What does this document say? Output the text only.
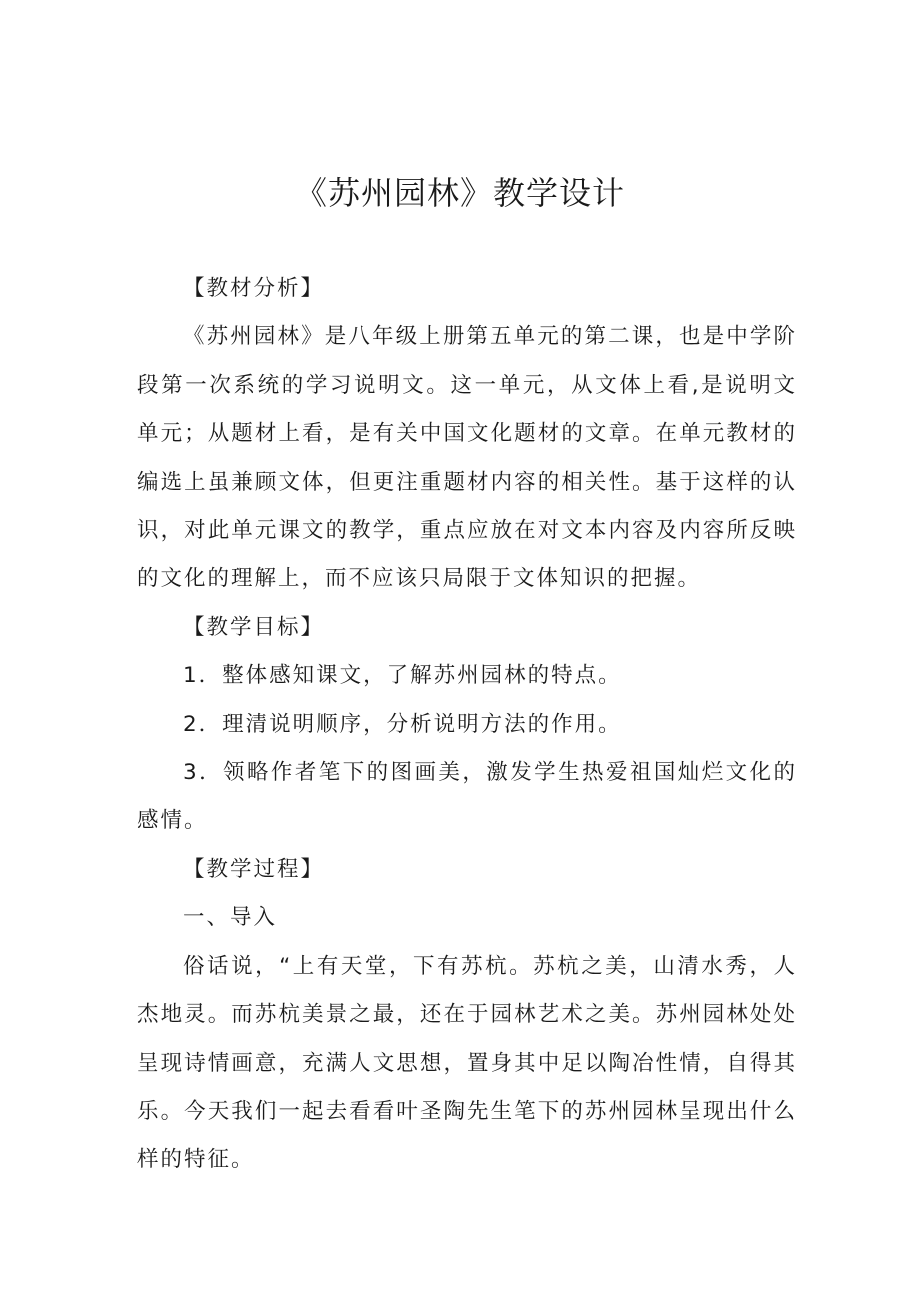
《苏州园林》教学设计

【教材分析】

《苏州园林》是八年级上册第五单元的第二课，也是中学阶段第一次系统的学习说明文。这一单元，从文体上看,是说明文单元；从题材上看，是有关中国文化题材的文章。在单元教材的编选上虽兼顾文体，但更注重题材内容的相关性。基于这样的认识，对此单元课文的教学，重点应放在对文本内容及内容所反映的文化的理解上，而不应该只局限于文体知识的把握。

【教学目标】

1．整体感知课文，了解苏州园林的特点。

2．理清说明顺序，分析说明方法的作用。

3．领略作者笔下的图画美，激发学生热爱祖国灿烂文化的感情。

【教学过程】

一、导入

俗话说，“上有天堂，下有苏杭。苏杭之美，山清水秀，人杰地灵。而苏杭美景之最，还在于园林艺术之美。苏州园林处处呈现诗情画意，充满人文思想，置身其中足以陶冶性情，自得其乐。今天我们一起去看看叶圣陶先生笔下的苏州园林呈现出什么样的特征。
